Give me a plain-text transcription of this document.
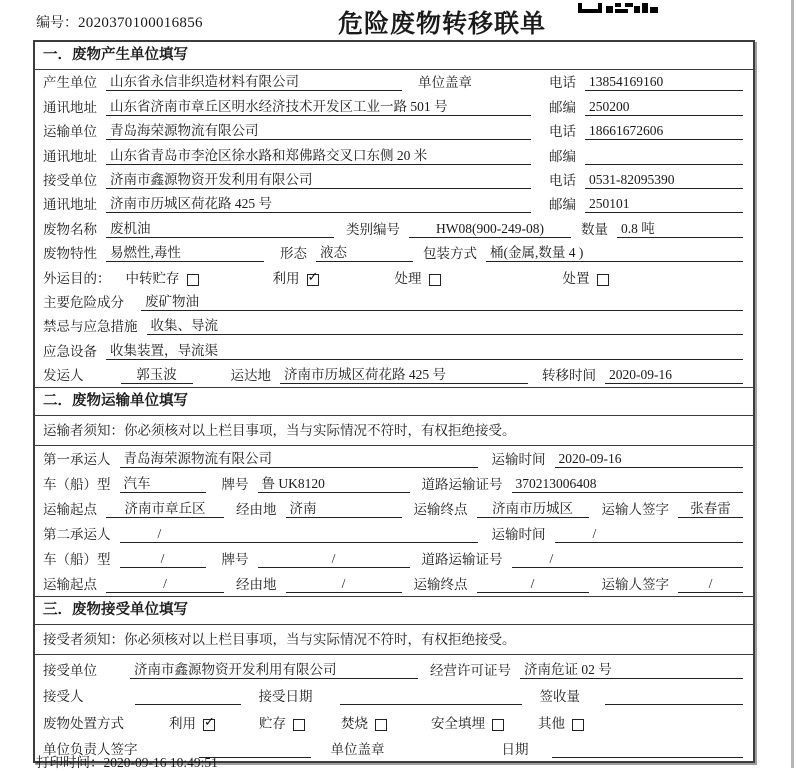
编号：2020370100016856	危险废物转移联单
一．废物产生单位填写
产生单位 山东省永信非织造材料有限公司	单位盖章	电话 13854169160
通讯地址 山东省济南市章丘区明水经济技术开发区工业一路 501 号	邮编 250200
运输单位 青岛海荣源物流有限公司	电话 18661672606
通讯地址 山东省青岛市李沧区徐水路和郑佛路交叉口东侧 20 米	邮编
接受单位 济南市鑫源物资开发利用有限公司	电话 0531-82095390
通讯地址 济南市历城区荷花路 425 号	邮编 250101
废物名称 废机油	类别编号	HW08(900-249-08)	数量 0.8 吨
废物特性 易燃性,毒性	形态 液态	包装方式 桶(金属,数量 4 )
外运目的： 中转贮存	利用 ✓	处理	处置
主要危险成分 废矿物油
禁忌与应急措施 收集、导流
应急设备 收集装置，导流渠
发运人	郭玉波	运达地 济南市历城区荷花路 425 号	转移时间 2020-09-16
二．废物运输单位填写
运输者须知：你必须核对以上栏目事项，当与实际情况不符时，有权拒绝接受。
第一承运人 青岛海荣源物流有限公司	运输时间 2020-09-16
车（船）型 汽车	牌号 鲁 UK8120	道路运输证号 370213006408
运输起点	济南市章丘区	经由地 济南	运输终点	济南市历城区	运输人签字	张春雷
第二承运人	/	运输时间	/
车（船）型	/	牌号	/	道路运输证号	/
运输起点	/	经由地	/	运输终点	/	运输人签字	/
三．废物接受单位填写
接受者须知：你必须核对以上栏目事项，当与实际情况不符时，有权拒绝接受。
接受单位	济南市鑫源物资开发利用有限公司	经营许可证号 济南危证 02 号
接受人	接受日期	签收量
废物处置方式	利用 ✓	贮存	焚烧	安全填埋	其他
单位负责人签字	单位盖章	日期
打印时间：2020-09-16 10:49:51
